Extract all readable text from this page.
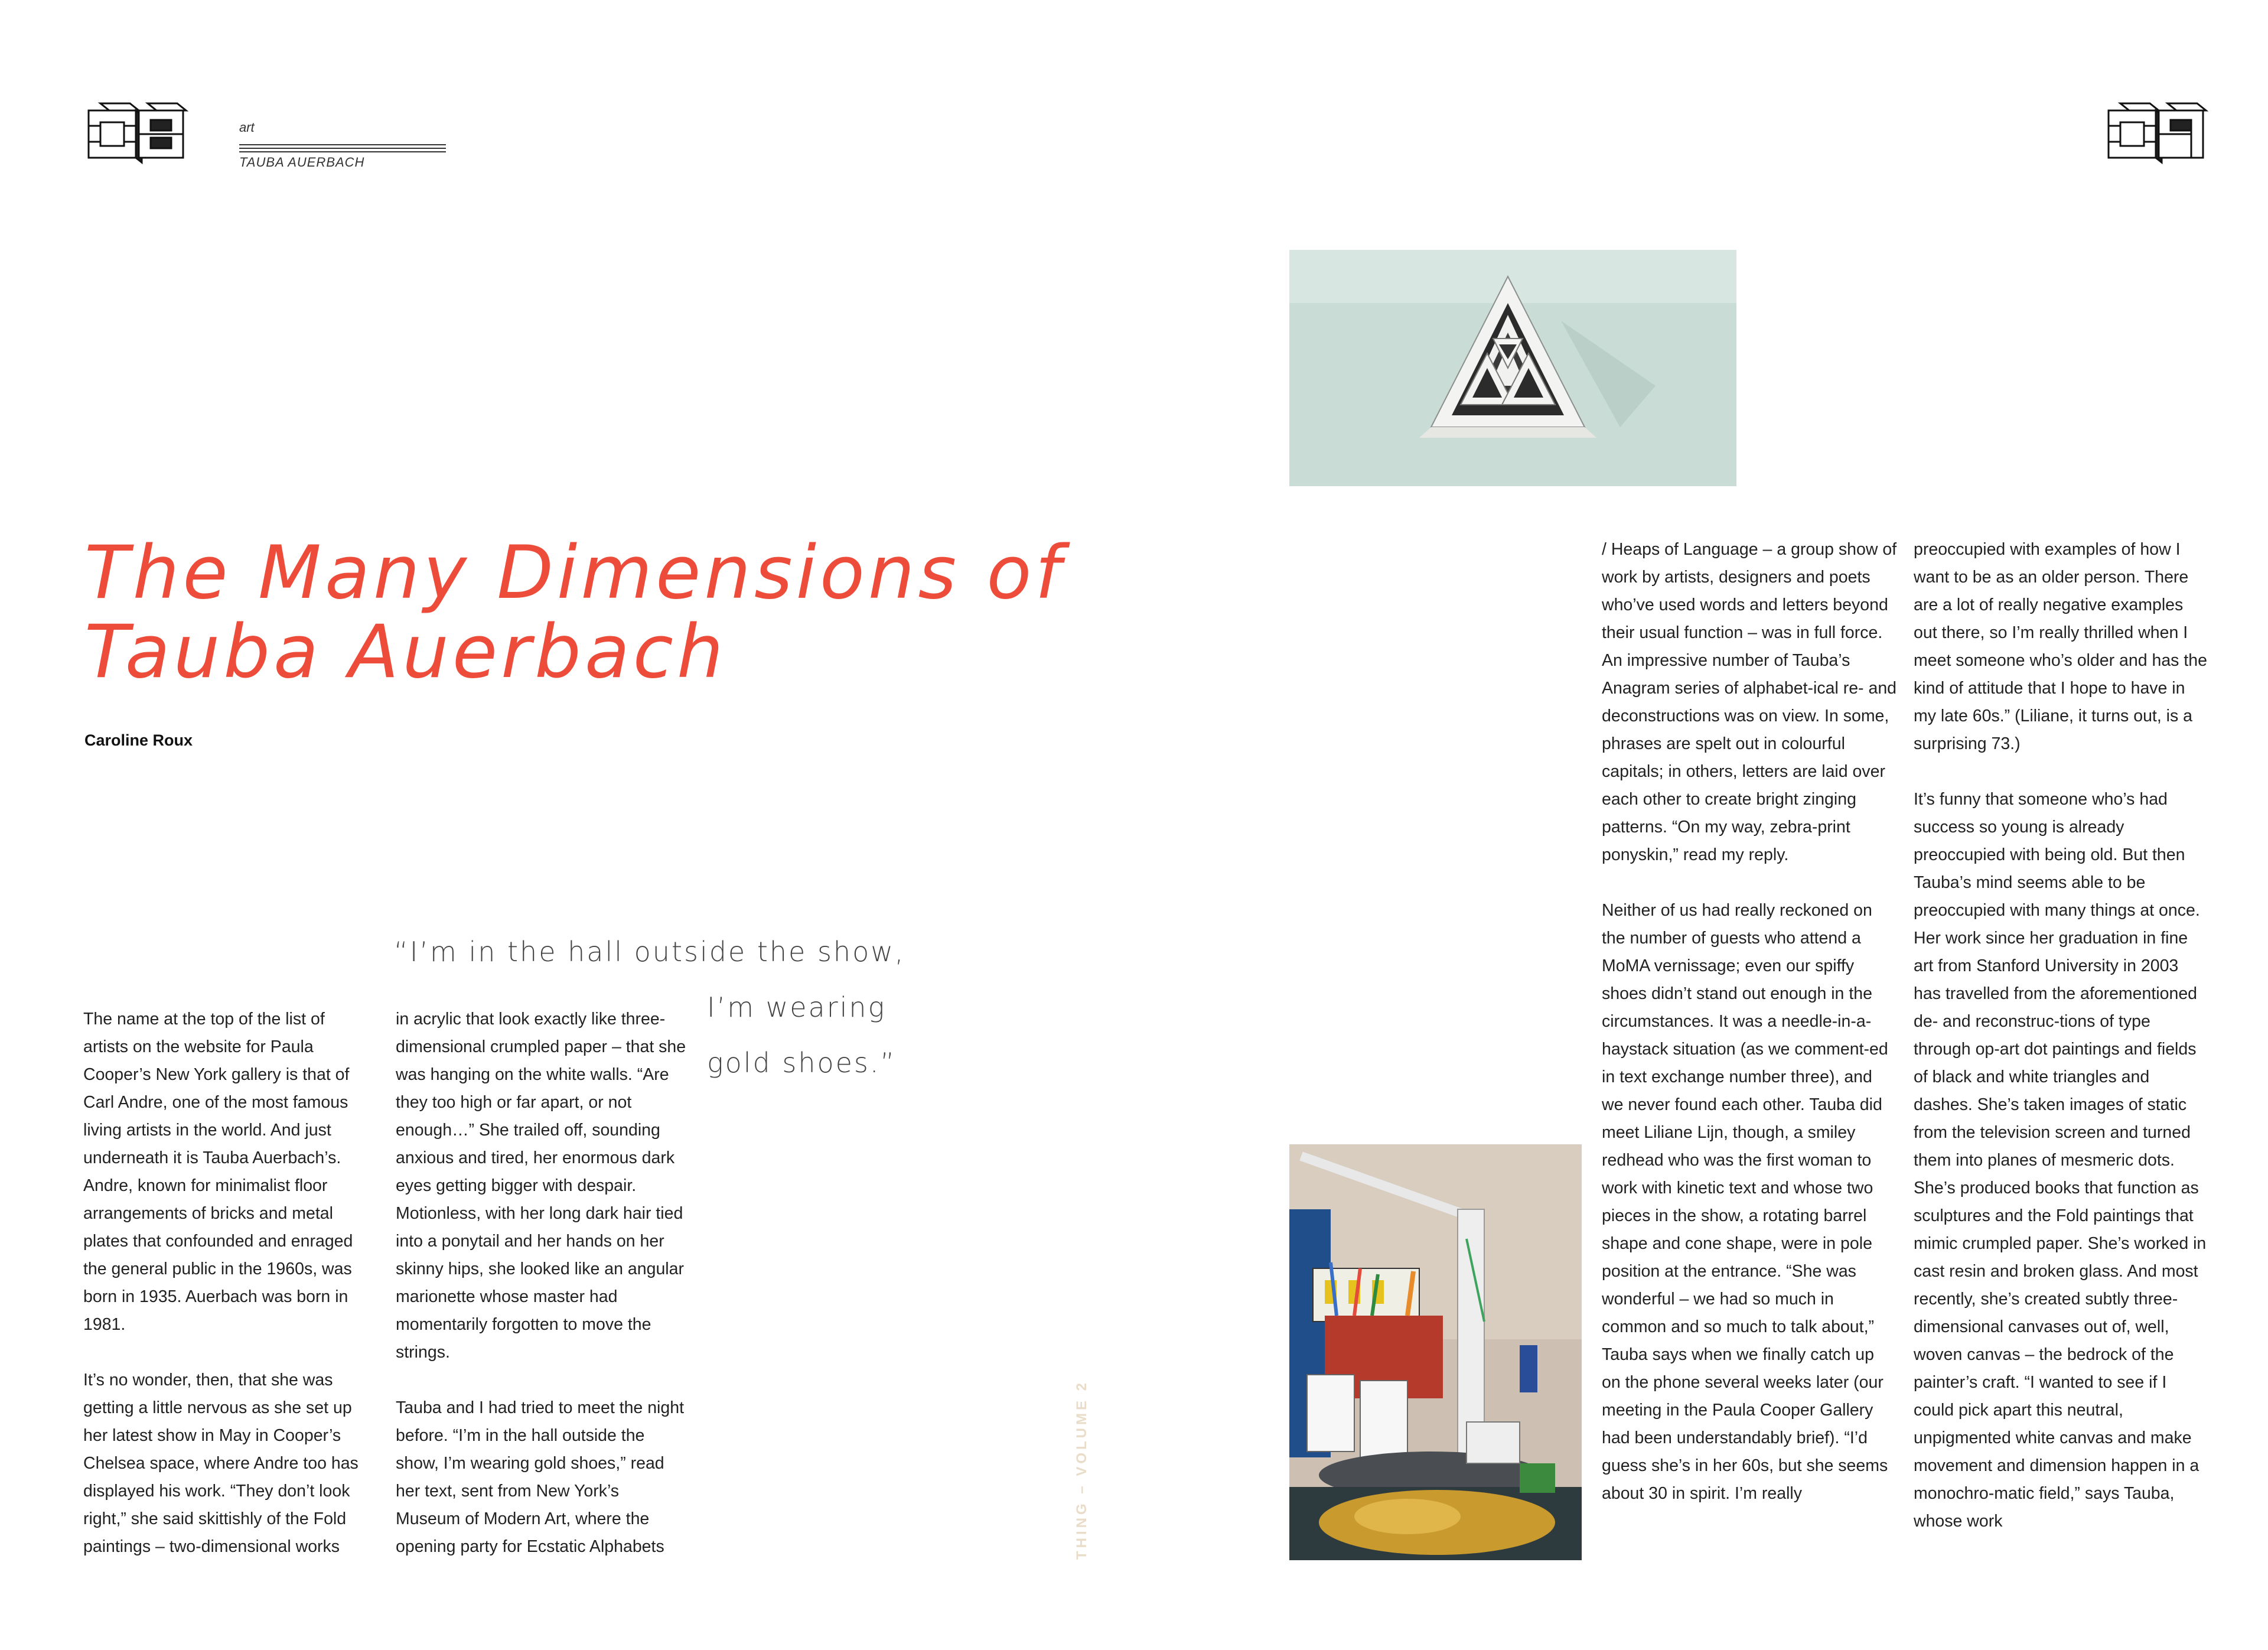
art
TAUBA AUERBACH
The Many Dimensions of
Tauba Auerbach
Caroline Roux
“I’m in the hall outside the show,
I’m wearing
gold shoes.”

The name at the top of the list of artists on the website for Paula Cooper’s New York gallery is that of Carl Andre, one of the most famous living artists in the world. And just underneath it is Tauba Auerbach’s. Andre, known for minimalist floor arrangements of bricks and metal plates that confounded and enraged the general public in the 1960s, was born in 1935. Auerbach was born in 1981.

It’s no wonder, then, that she was getting a little nervous as she set up her latest show in May in Cooper’s Chelsea space, where Andre too has displayed his work. “They don’t look right,” she said skittishly of the Fold paintings – two-dimensional works

in acrylic that look exactly like three-dimensional crumpled paper – that she was hanging on the white walls. “Are they too high or far apart, or not enough…” She trailed off, sounding anxious and tired, her enormous dark eyes getting bigger with despair. Motionless, with her long dark hair tied into a ponytail and her hands on her skinny hips, she looked like an angular marionette whose master had momentarily forgotten to move the strings.

Tauba and I had tried to meet the night before. “I’m in the hall outside the show, I’m wearing gold shoes,” read her text, sent from New York’s Museum of Modern Art, where the opening party for Ecstatic Alphabets

/ Heaps of Language – a group show of work by artists, designers and poets who’ve used words and letters beyond their usual function – was in full force. An impressive number of Tauba’s Anagram series of alphabet-ical re- and deconstructions was on view. In some, phrases are spelt out in colourful capitals; in others, letters are laid over each other to create bright zinging patterns. “On my way, zebra-print ponyskin,” read my reply.

Neither of us had really reckoned on the number of guests who attend a MoMA vernissage; even our spiffy shoes didn’t stand out enough in the circumstances. It was a needle-in-a-haystack situation (as we comment-ed in text exchange number three), and we never found each other. Tauba did meet Liliane Lijn, though, a smiley redhead who was the first woman to work with kinetic text and whose two pieces in the show, a rotating barrel shape and cone shape, were in pole position at the entrance. “She was wonderful – we had so much in common and so much to talk about,” Tauba says when we finally catch up on the phone several weeks later (our meeting in the Paula Cooper Gallery had been understandably brief). “I’d guess she’s in her 60s, but she seems about 30 in spirit. I’m really

preoccupied with examples of how I want to be as an older person. There are a lot of really negative examples out there, so I’m really thrilled when I meet someone who’s older and has the kind of attitude that I hope to have in my late 60s.” (Liliane, it turns out, is a surprising 73.)

It’s funny that someone who’s had success so young is already preoccupied with being old. But then Tauba’s mind seems able to be preoccupied with many things at once. Her work since her graduation in fine art from Stanford University in 2003 has travelled from the aforementioned de- and reconstruc-tions of type through op-art dot paintings and fields of black and white triangles and dashes. She’s taken images of static from the television screen and turned them into planes of mesmeric dots. She’s produced books that function as sculptures and the Fold paintings that mimic crumpled paper. She’s worked in cast resin and broken glass. And most recently, she’s created subtly three-dimensional canvases out of, well, woven canvas – the bedrock of the painter’s craft. “I wanted to see if I could pick apart this neutral, unpigmented white canvas and make movement and dimension happen in a monochro-matic field,” says Tauba, whose work

THING – VOLUME 2
